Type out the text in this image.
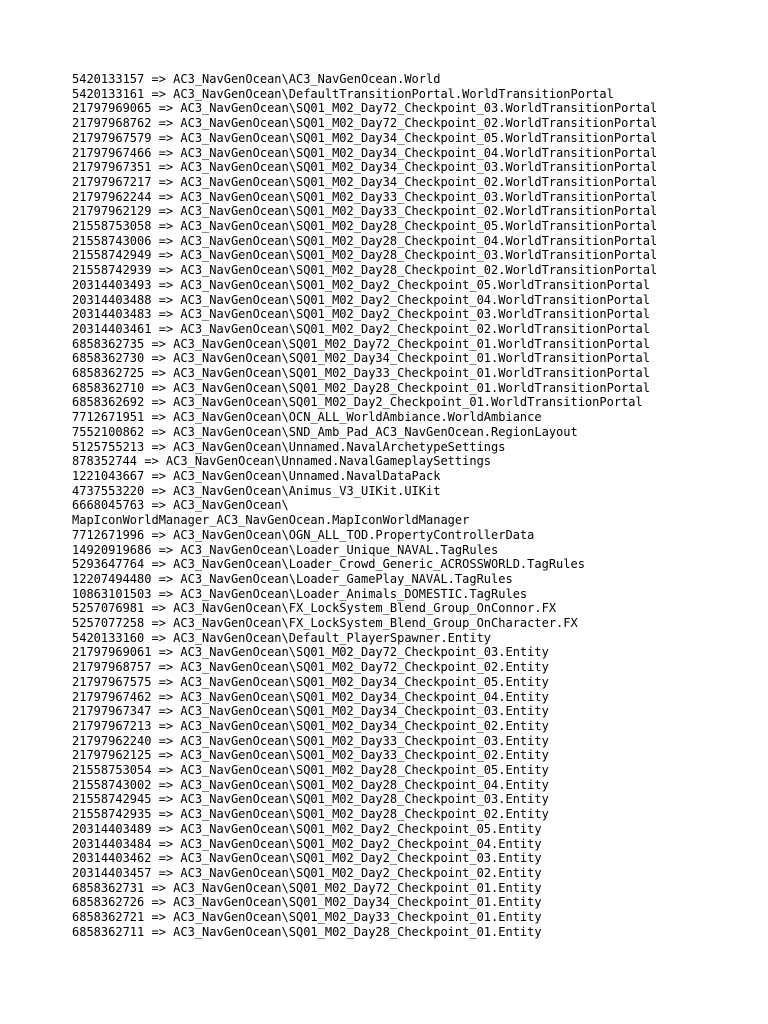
5420133157 => AC3_NavGenOcean\AC3_NavGenOcean.World
5420133161 => AC3_NavGenOcean\DefaultTransitionPortal.WorldTransitionPortal
21797969065 => AC3_NavGenOcean\SQ01_M02_Day72_Checkpoint_03.WorldTransitionPortal
21797968762 => AC3_NavGenOcean\SQ01_M02_Day72_Checkpoint_02.WorldTransitionPortal
21797967579 => AC3_NavGenOcean\SQ01_M02_Day34_Checkpoint_05.WorldTransitionPortal
21797967466 => AC3_NavGenOcean\SQ01_M02_Day34_Checkpoint_04.WorldTransitionPortal
21797967351 => AC3_NavGenOcean\SQ01_M02_Day34_Checkpoint_03.WorldTransitionPortal
21797967217 => AC3_NavGenOcean\SQ01_M02_Day34_Checkpoint_02.WorldTransitionPortal
21797962244 => AC3_NavGenOcean\SQ01_M02_Day33_Checkpoint_03.WorldTransitionPortal
21797962129 => AC3_NavGenOcean\SQ01_M02_Day33_Checkpoint_02.WorldTransitionPortal
21558753058 => AC3_NavGenOcean\SQ01_M02_Day28_Checkpoint_05.WorldTransitionPortal
21558743006 => AC3_NavGenOcean\SQ01_M02_Day28_Checkpoint_04.WorldTransitionPortal
21558742949 => AC3_NavGenOcean\SQ01_M02_Day28_Checkpoint_03.WorldTransitionPortal
21558742939 => AC3_NavGenOcean\SQ01_M02_Day28_Checkpoint_02.WorldTransitionPortal
20314403493 => AC3_NavGenOcean\SQ01_M02_Day2_Checkpoint_05.WorldTransitionPortal
20314403488 => AC3_NavGenOcean\SQ01_M02_Day2_Checkpoint_04.WorldTransitionPortal
20314403483 => AC3_NavGenOcean\SQ01_M02_Day2_Checkpoint_03.WorldTransitionPortal
20314403461 => AC3_NavGenOcean\SQ01_M02_Day2_Checkpoint_02.WorldTransitionPortal
6858362735 => AC3_NavGenOcean\SQ01_M02_Day72_Checkpoint_01.WorldTransitionPortal
6858362730 => AC3_NavGenOcean\SQ01_M02_Day34_Checkpoint_01.WorldTransitionPortal
6858362725 => AC3_NavGenOcean\SQ01_M02_Day33_Checkpoint_01.WorldTransitionPortal
6858362710 => AC3_NavGenOcean\SQ01_M02_Day28_Checkpoint_01.WorldTransitionPortal
6858362692 => AC3_NavGenOcean\SQ01_M02_Day2_Checkpoint_01.WorldTransitionPortal
7712671951 => AC3_NavGenOcean\OCN_ALL_WorldAmbiance.WorldAmbiance
7552100862 => AC3_NavGenOcean\SND_Amb_Pad_AC3_NavGenOcean.RegionLayout
5125755213 => AC3_NavGenOcean\Unnamed.NavalArchetypeSettings
878352744 => AC3_NavGenOcean\Unnamed.NavalGameplaySettings
1221043667 => AC3_NavGenOcean\Unnamed.NavalDataPack
4737553220 => AC3_NavGenOcean\Animus_V3_UIKit.UIKit
6668045763 => AC3_NavGenOcean\
MapIconWorldManager_AC3_NavGenOcean.MapIconWorldManager
7712671996 => AC3_NavGenOcean\OGN_ALL_TOD.PropertyControllerData
14920919686 => AC3_NavGenOcean\Loader_Unique_NAVAL.TagRules
5293647764 => AC3_NavGenOcean\Loader_Crowd_Generic_ACROSSWORLD.TagRules
12207494480 => AC3_NavGenOcean\Loader_GamePlay_NAVAL.TagRules
10863101503 => AC3_NavGenOcean\Loader_Animals_DOMESTIC.TagRules
5257076981 => AC3_NavGenOcean\FX_LockSystem_Blend_Group_OnConnor.FX
5257077258 => AC3_NavGenOcean\FX_LockSystem_Blend_Group_OnCharacter.FX
5420133160 => AC3_NavGenOcean\Default_PlayerSpawner.Entity
21797969061 => AC3_NavGenOcean\SQ01_M02_Day72_Checkpoint_03.Entity
21797968757 => AC3_NavGenOcean\SQ01_M02_Day72_Checkpoint_02.Entity
21797967575 => AC3_NavGenOcean\SQ01_M02_Day34_Checkpoint_05.Entity
21797967462 => AC3_NavGenOcean\SQ01_M02_Day34_Checkpoint_04.Entity
21797967347 => AC3_NavGenOcean\SQ01_M02_Day34_Checkpoint_03.Entity
21797967213 => AC3_NavGenOcean\SQ01_M02_Day34_Checkpoint_02.Entity
21797962240 => AC3_NavGenOcean\SQ01_M02_Day33_Checkpoint_03.Entity
21797962125 => AC3_NavGenOcean\SQ01_M02_Day33_Checkpoint_02.Entity
21558753054 => AC3_NavGenOcean\SQ01_M02_Day28_Checkpoint_05.Entity
21558743002 => AC3_NavGenOcean\SQ01_M02_Day28_Checkpoint_04.Entity
21558742945 => AC3_NavGenOcean\SQ01_M02_Day28_Checkpoint_03.Entity
21558742935 => AC3_NavGenOcean\SQ01_M02_Day28_Checkpoint_02.Entity
20314403489 => AC3_NavGenOcean\SQ01_M02_Day2_Checkpoint_05.Entity
20314403484 => AC3_NavGenOcean\SQ01_M02_Day2_Checkpoint_04.Entity
20314403462 => AC3_NavGenOcean\SQ01_M02_Day2_Checkpoint_03.Entity
20314403457 => AC3_NavGenOcean\SQ01_M02_Day2_Checkpoint_02.Entity
6858362731 => AC3_NavGenOcean\SQ01_M02_Day72_Checkpoint_01.Entity
6858362726 => AC3_NavGenOcean\SQ01_M02_Day34_Checkpoint_01.Entity
6858362721 => AC3_NavGenOcean\SQ01_M02_Day33_Checkpoint_01.Entity
6858362711 => AC3_NavGenOcean\SQ01_M02_Day28_Checkpoint_01.Entity
